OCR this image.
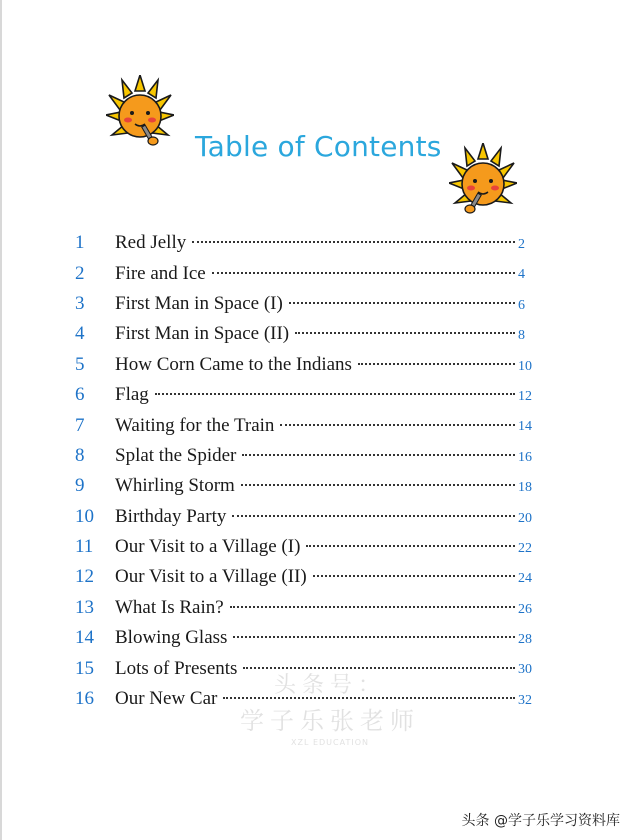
Table of Contents
1	Red Jelly	2
2	Fire and Ice	4
3	First Man in Space (I)	6
4	First Man in Space (II)	8
5	How Corn Came to the Indians	10
6	Flag	12
7	Waiting for the Train	14
8	Splat the Spider	16
9	Whirling Storm	18
10	Birthday Party	20
11	Our Visit to a Village (I)	22
12	Our Visit to a Village (II)	24
13	What Is Rain?	26
14	Blowing Glass	28
15	Lots of Presents	30
16	Our New Car	32
头条号：
学子乐张老师
XZL EDUCATION
头条 @学子乐学习资料库
